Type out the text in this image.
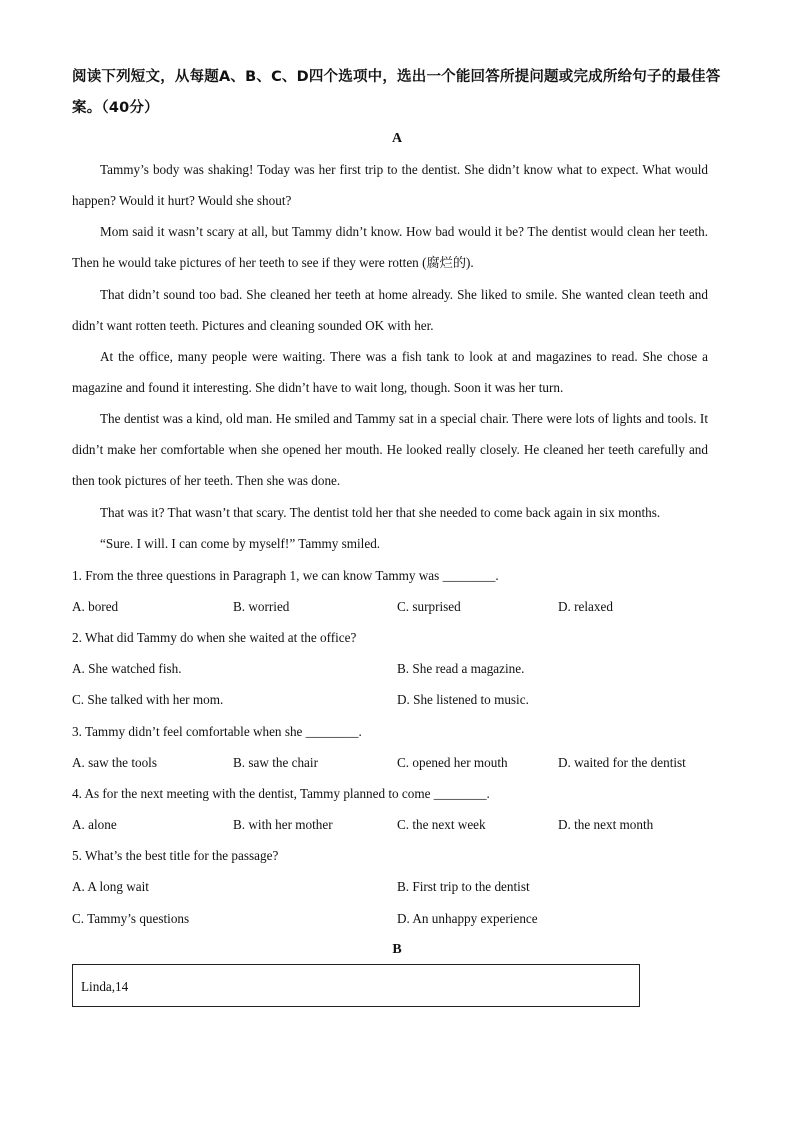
阅读下列短文，从每题A、B、C、D四个选项中，选出一个能回答所提问题或完成所给句子的最佳答案。（40分）
A
Tammy’s body was shaking! Today was her first trip to the dentist. She didn’t know what to expect. What would happen? Would it hurt? Would she shout?
Mom said it wasn’t scary at all, but Tammy didn’t know. How bad would it be? The dentist would clean her teeth. Then he would take pictures of her teeth to see if they were rotten (腐烂的).
That didn’t sound too bad. She cleaned her teeth at home already. She liked to smile. She wanted clean teeth and didn’t want rotten teeth. Pictures and cleaning sounded OK with her.
At the office, many people were waiting. There was a fish tank to look at and magazines to read. She chose a magazine and found it interesting. She didn’t have to wait long, though. Soon it was her turn.
The dentist was a kind, old man. He smiled and Tammy sat in a special chair. There were lots of lights and tools. It didn’t make her comfortable when she opened her mouth. He looked really closely. He cleaned her teeth carefully and then took pictures of her teeth. Then she was done.
That was it? That wasn’t that scary. The dentist told her that she needed to come back again in six months.
“Sure. I will. I can come by myself!” Tammy smiled.
1. From the three questions in Paragraph 1, we can know Tammy was ________.
A. bored	B. worried	C. surprised	D. relaxed
2. What did Tammy do when she waited at the office?
A. She watched fish.	B. She read a magazine.
C. She talked with her mom.	D. She listened to music.
3. Tammy didn’t feel comfortable when she ________.
A. saw the tools	B. saw the chair	C. opened her mouth	D. waited for the dentist
4. As for the next meeting with the dentist, Tammy planned to come ________.
A. alone	B. with her mother	C. the next week	D. the next month
5. What’s the best title for the passage?
A. A long wait	B. First trip to the dentist
C. Tammy’s questions	D. An unhappy experience
B
Linda,14
